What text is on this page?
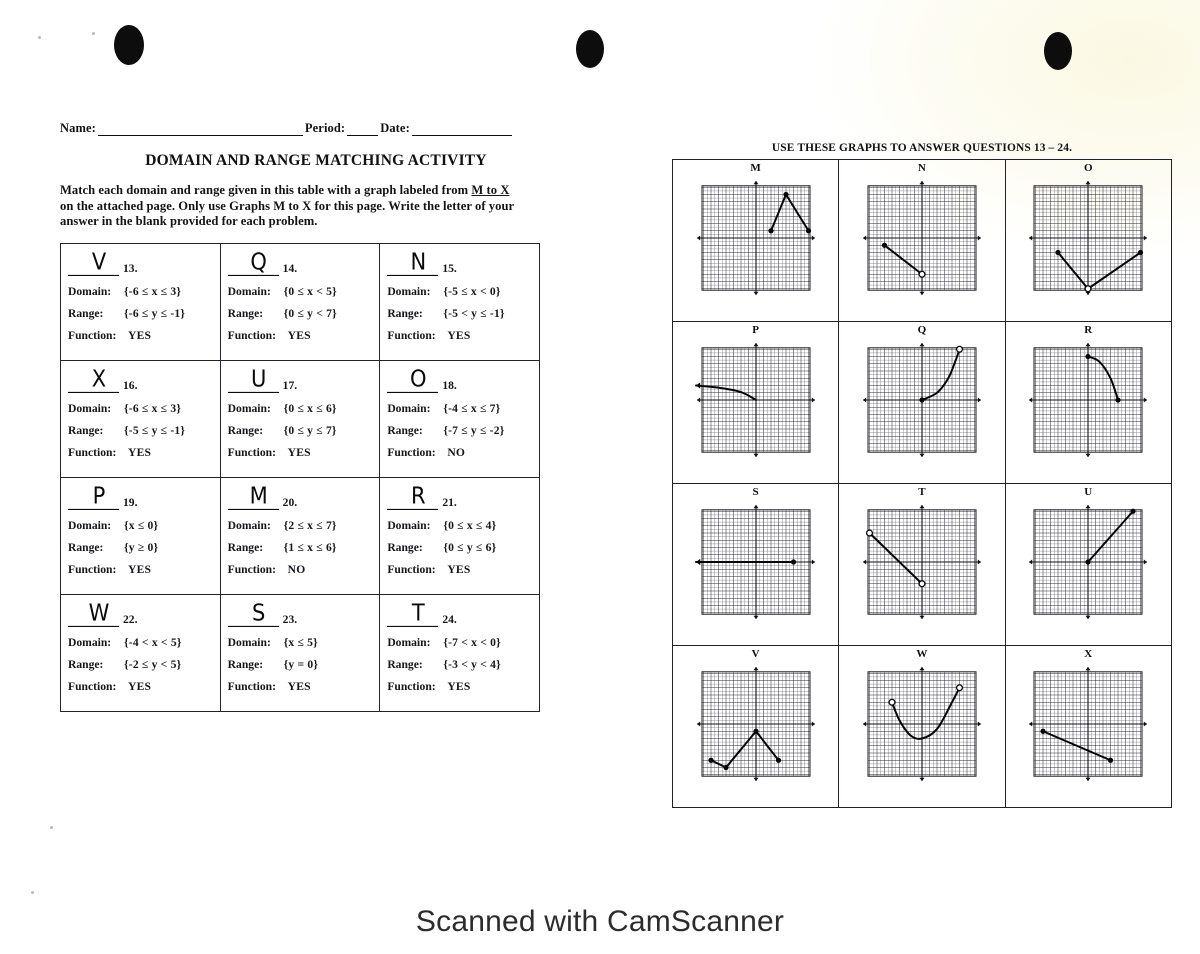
Name:	Period:	Date:
DOMAIN AND RANGE MATCHING ACTIVITY
Match each domain and range given in this table with a graph labeled from M to X
on the attached page. Only use Graphs M to X for this page. Write the letter of your
answer in the blank provided for each problem.
V	13.
Domain:	{-6 ≤ x ≤ 3}
Range:	{-6 ≤ y ≤ -1}
Function:	YES

Q	14.
Domain:	{0 ≤ x < 5}
Range:	{0 ≤ y < 7}
Function:	YES

N	15.
Domain:	{-5 ≤ x < 0}
Range:	{-5 < y ≤ -1}
Function:	YES

X	16.
Domain:	{-6 ≤ x ≤ 3}
Range:	{-5 ≤ y ≤ -1}
Function:	YES

U	17.
Domain:	{0 ≤ x ≤ 6}
Range:	{0 ≤ y ≤ 7}
Function:	YES

O	18.
Domain:	{-4 ≤ x ≤ 7}
Range:	{-7 ≤ y ≤ -2}
Function:	NO

P	19.
Domain:	{x ≤ 0}
Range:	{y ≥ 0}
Function:	YES

M	20.
Domain:	{2 ≤ x ≤ 7}
Range:	{1 ≤ x ≤ 6}
Function:	NO

R	21.
Domain:	{0 ≤ x ≤ 4}
Range:	{0 ≤ y ≤ 6}
Function:	YES

W	22.
Domain:	{-4 < x < 5}
Range:	{-2 ≤ y < 5}
Function:	YES

S	23.
Domain:	{x ≤ 5}
Range:	{y = 0}
Function:	YES

T	24.
Domain:	{-7 < x < 0}
Range:	{-3 < y < 4}
Function:	YES
USE THESE GRAPHS TO ANSWER QUESTIONS 13 – 24.
M	N	O

P	Q	R

S	T	U

V	W	X
Scanned with CamScanner
